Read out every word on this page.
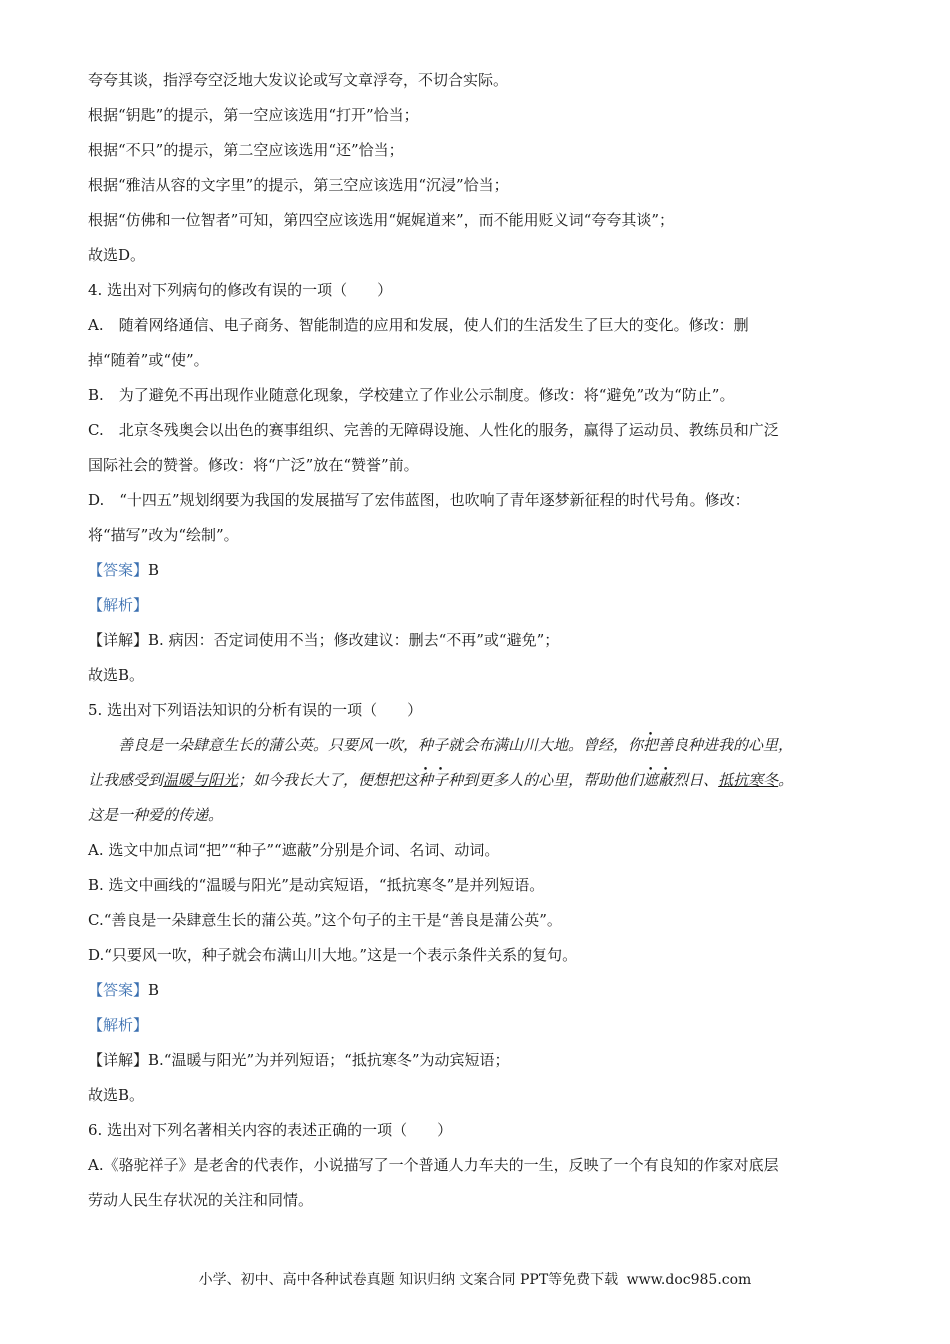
夸夸其谈，指浮夸空泛地大发议论或写文章浮夸，不切合实际。
根据“钥匙”的提示，第一空应该选用“打开”恰当；
根据“不只”的提示，第二空应该选用“还”恰当；
根据“雅洁从容的文字里”的提示，第三空应该选用“沉浸”恰当；
根据“仿佛和一位智者”可知，第四空应该选用“娓娓道来”，而不能用贬义词“夸夸其谈”；
故选D。
4. 选出对下列病句的修改有误的一项（　　）
A.　随着网络通信、电子商务、智能制造的应用和发展，使人们的生活发生了巨大的变化。修改：删
掉“随着”或“使”。
B.　为了避免不再出现作业随意化现象，学校建立了作业公示制度。修改：将“避免”改为“防止”。
C.　北京冬残奥会以出色的赛事组织、完善的无障碍设施、人性化的服务，赢得了运动员、教练员和广泛
国际社会的赞誉。修改：将“广泛”放在“赞誉”前。
D.　“十四五”规划纲要为我国的发展描写了宏伟蓝图，也吹响了青年逐梦新征程的时代号角。修改：
将“描写”改为“绘制”。
【答案】B
【解析】
【详解】B. 病因：否定词使用不当；修改建议：删去“不再”或“避免”；
故选B。
5. 选出对下列语法知识的分析有误的一项（　　）
善良是一朵肆意生长的蒲公英。只要风一吹，种子就会布满山川大地。曾经，你把善良种进我的心里，
让我感受到温暖与阳光；如今我长大了，便想把这种子种到更多人的心里，帮助他们遮蔽烈日、抵抗寒冬。
这是一种爱的传递。
A. 选文中加点词“把”“种子”“遮蔽”分别是介词、名词、动词。
B. 选文中画线的“温暖与阳光”是动宾短语，“抵抗寒冬”是并列短语。
C.“善良是一朵肆意生长的蒲公英。”这个句子的主干是“善良是蒲公英”。
D.“只要风一吹，种子就会布满山川大地。”这是一个表示条件关系的复句。
【答案】B
【解析】
【详解】B.“温暖与阳光”为并列短语；“抵抗寒冬”为动宾短语；
故选B。
6. 选出对下列名著相关内容的表述正确的一项（　　）
A.《骆驼祥子》是老舍的代表作，小说描写了一个普通人力车夫的一生，反映了一个有良知的作家对底层
劳动人民生存状况的关注和同情。
小学、初中、高中各种试卷真题 知识归纳 文案合同 PPT等免费下载 www.doc985.com
